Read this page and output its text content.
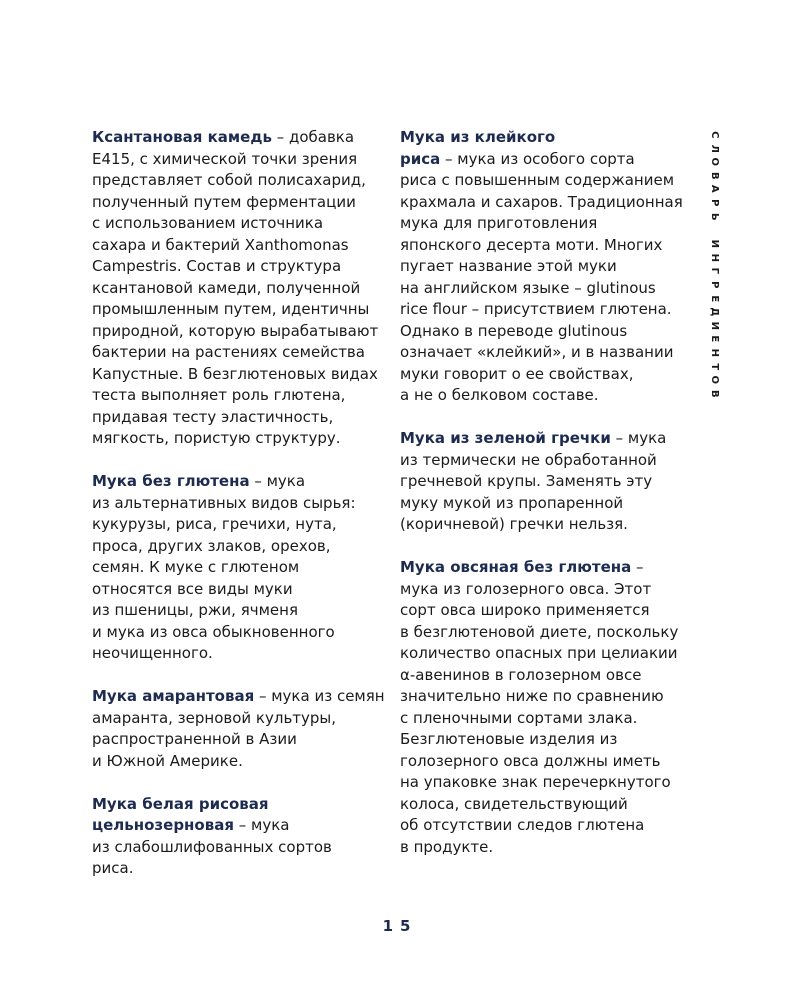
Ксантановая камедь – добавка
E415, с химической точки зрения
представляет собой полисахарид,
полученный путем ферментации
с использованием источника
сахара и бактерий Xanthomonas
Campestris. Состав и структура
ксантановой камеди, полученной
промышленным путем, идентичны
природной, которую вырабатывают
бактерии на растениях семейства
Капустные. В безглютеновых видах
теста выполняет роль глютена,
придавая тесту эластичность,
мягкость, пористую структуру.

Мука без глютена – мука
из альтернативных видов сырья:
кукурузы, риса, гречихи, нута,
проса, других злаков, орехов,
семян. К муке с глютеном
относятся все виды муки
из пшеницы, ржи, ячменя
и мука из овса обыкновенного
неочищенного.

Мука амарантовая – мука из семян
амаранта, зерновой культуры,
распространенной в Азии
и Южной Америке.

Мука белая рисовая
цельнозерновая – мука
из слабошлифованных сортов
риса.

Мука из клейкого
риса – мука из особого сорта
риса с повышенным содержанием
крахмала и сахаров. Традиционная
мука для приготовления
японского десерта моти. Многих
пугает название этой муки
на английском языке – glutinous
rice flour – присутствием глютена.
Однако в переводе glutinous
означает «клейкий», и в названии
муки говорит о ее свойствах,
а не о белковом составе.

Мука из зеленой гречки – мука
из термически не обработанной
гречневой крупы. Заменять эту
муку мукой из пропаренной
(коричневой) гречки нельзя.

Мука овсяная без глютена –
мука из голозерного овса. Этот
сорт овса широко применяется
в безглютеновой диете, поскольку
количество опасных при целиакии
α-авенинов в голозерном овсе
значительно ниже по сравнению
с пленочными сортами злака.
Безглютеновые изделия из
голозерного овса должны иметь
на упаковке знак перечеркнутого
колоса, свидетельствующий
об отсутствии следов глютена
в продукте.

С
Л
О
В
А
Р
Ь
И
Н
Г
Р
Е
Д
И
Е
Н
Т
О
В
15
